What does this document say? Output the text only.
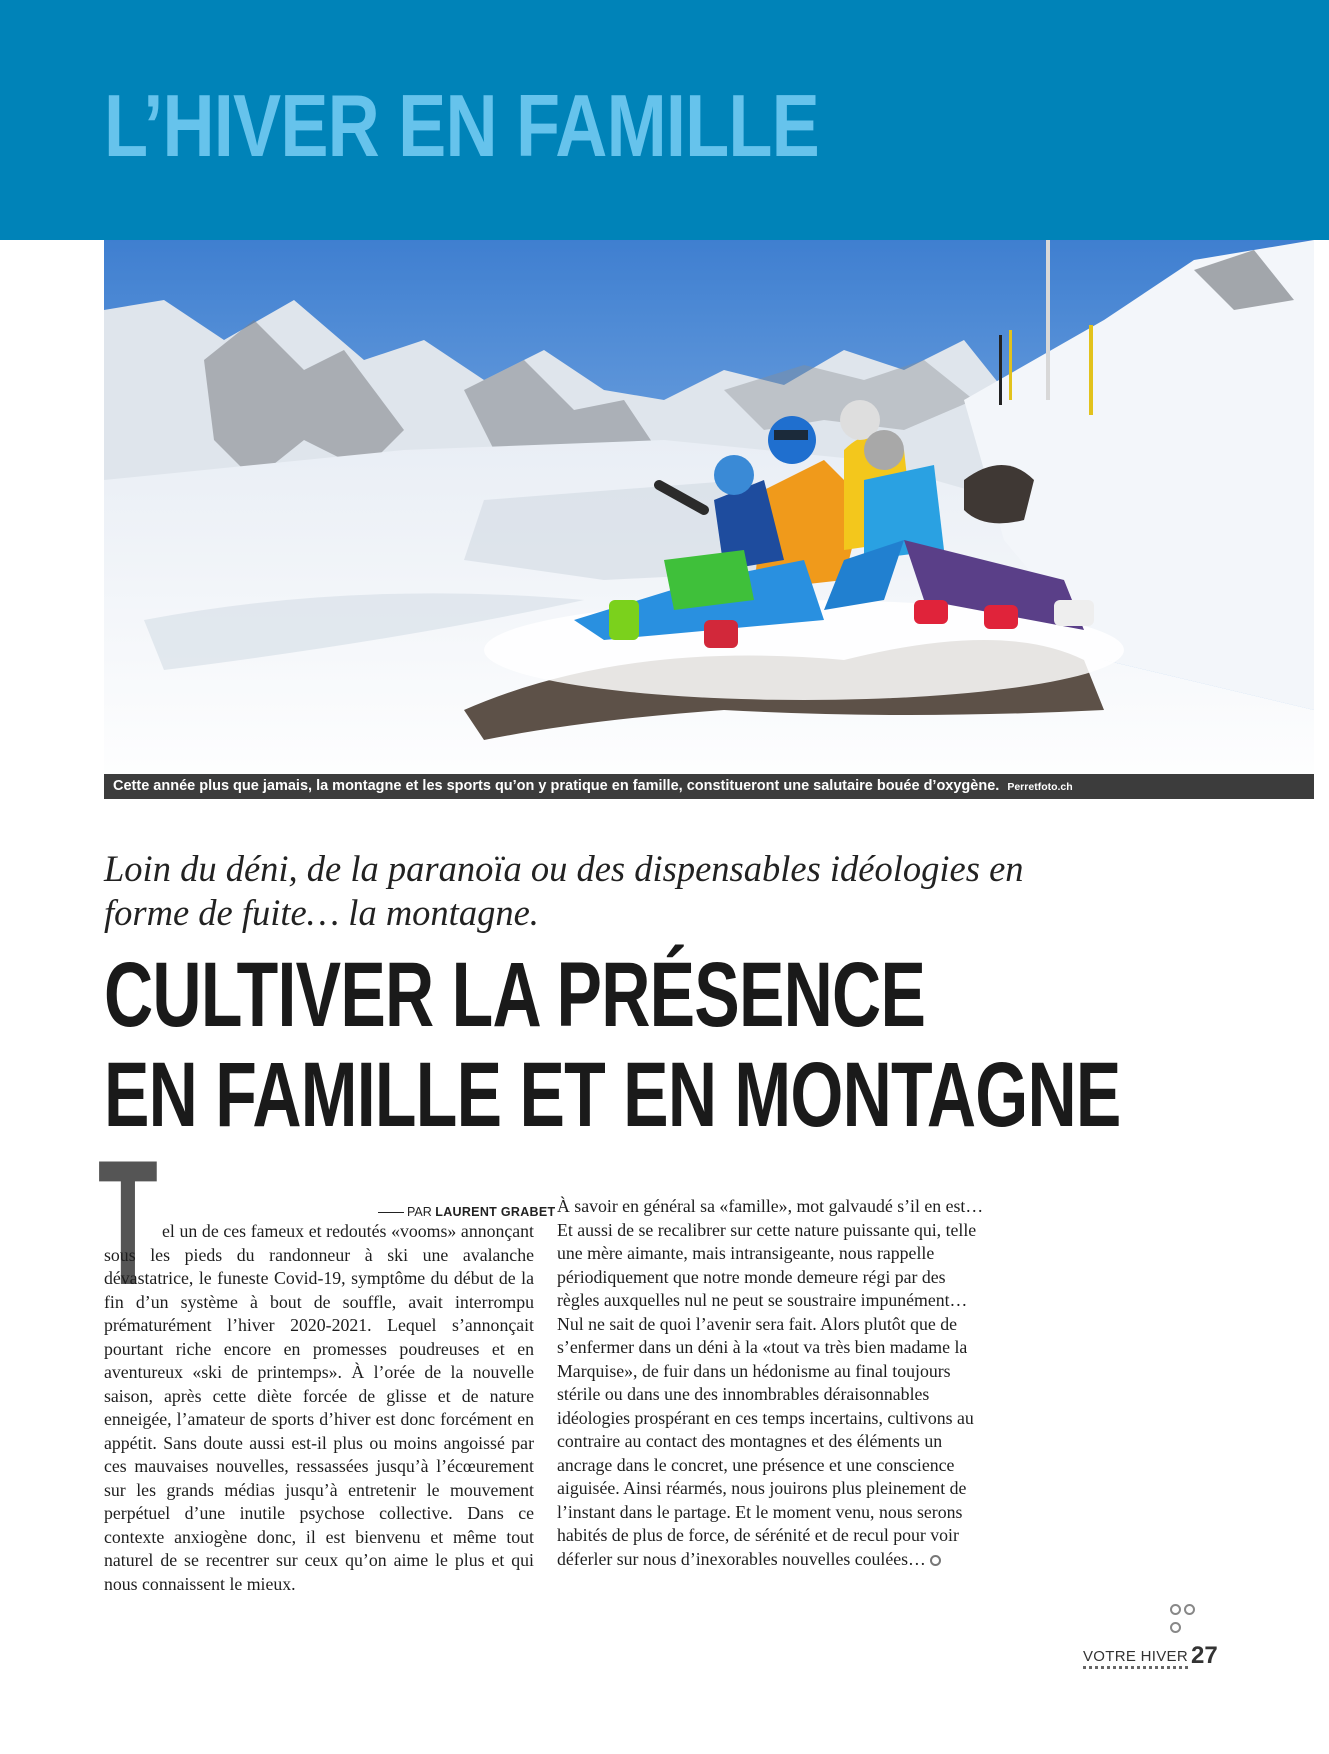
L’HIVER EN FAMILLE
Cette année plus que jamais, la montagne et les sports qu’on y pratique en famille, constitueront une salutaire bouée d’oxygène. Perretfoto.ch

Loin du déni, de la paranoïa ou des dispensables idéologies en forme de fuite… la montagne.

CULTIVER LA PRÉSENCE
EN FAMILLE ET EN MONTAGNE
T	PAR LAURENT GRABET

el un de ces fameux et redoutés «vooms» annonçant sous les pieds du randonneur à ski une avalanche dévastatrice, le funeste Covid-19, symptôme du début de la fin d’un système à bout de souffle, avait interrompu prématurément l’hiver 2020-2021. Lequel s’annonçait pourtant riche encore en promesses poudreuses et en aventureux «ski de printemps». À l’orée de la nouvelle saison, après cette diète forcée de glisse et de nature enneigée, l’amateur de sports d’hiver est donc forcément en appétit. Sans doute aussi est-il plus ou moins angoissé par ces mauvaises nouvelles, ressassées jusqu’à l’écœurement sur les grands médias jusqu’à entretenir le mouvement perpétuel d’une inutile psychose collective. Dans ce contexte anxiogène donc, il est bienvenu et même tout naturel de se recentrer sur ceux qu’on aime le plus et qui nous connaissent le mieux.

À savoir en général sa «famille», mot galvaudé s’il en est… Et aussi de se recalibrer sur cette nature puissante qui, telle une mère aimante, mais intransigeante, nous rappelle périodiquement que notre monde demeure régi par des règles auxquelles nul ne peut se soustraire impunément… Nul ne sait de quoi l’avenir sera fait. Alors plutôt que de s’enfermer dans un déni à la «tout va très bien madame la Marquise», de fuir dans un hédonisme au final toujours stérile ou dans une des innombrables déraisonnables idéologies prospérant en ces temps incertains, cultivons au contraire au contact des montagnes et des éléments un ancrage dans le concret, une présence et une conscience aiguisée. Ainsi réarmés, nous jouirons plus pleinement de l’instant dans le partage. Et le moment venu, nous serons habités de plus de force, de sérénité et de recul pour voir déferler sur nous d’inexorables nouvelles coulées…

VOTRE HIVER 27
